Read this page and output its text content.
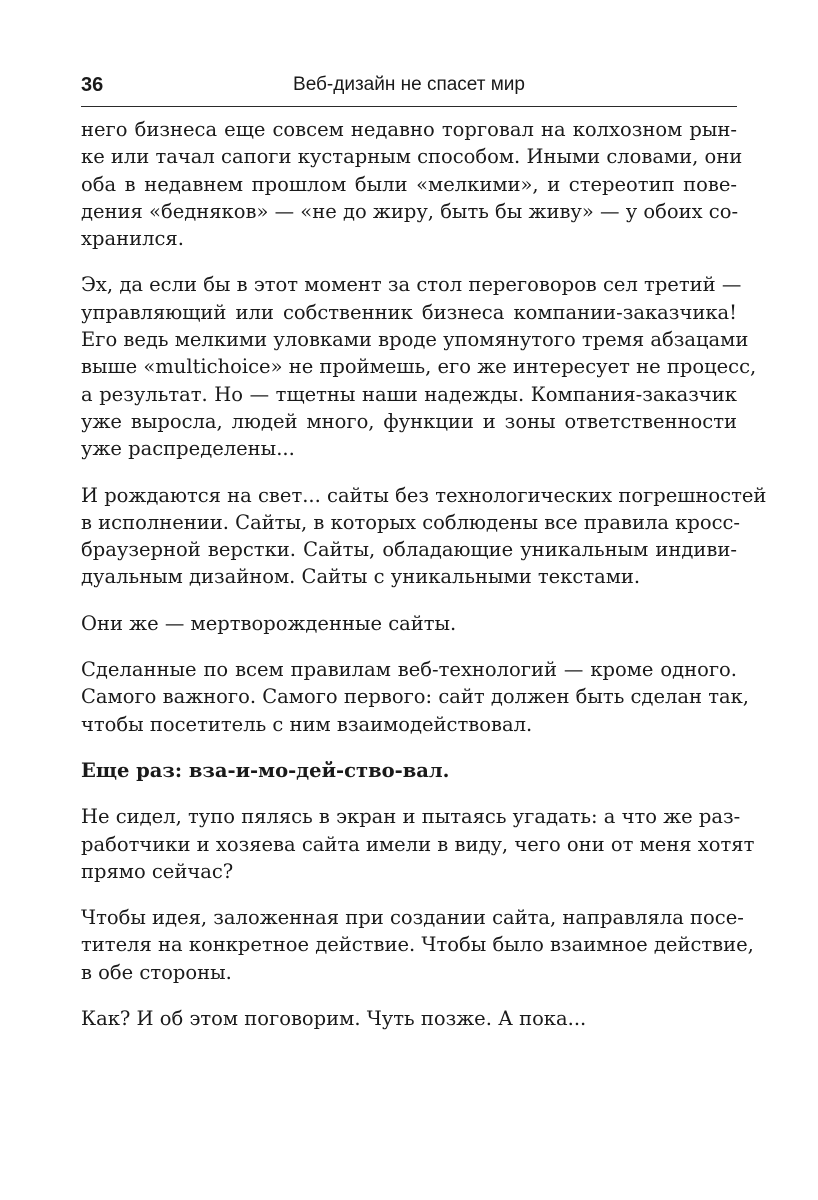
36	Веб-дизайн не спасет мир

него бизнеса еще совсем недавно торговал на колхозном рын-
ке или тачал сапоги кустарным способом. Иными словами, они
оба в недавнем прошлом были «мелкими», и стереотип пове-
дения «бедняков» — «не до жиру, быть бы живу» — у обоих со-
хранился.

Эх, да если бы в этот момент за стол переговоров сел третий —
управляющий или собственник бизнеса компании-заказчика!
Его ведь мелкими уловками вроде упомянутого тремя абзацами
выше «multichoice» не проймешь, его же интересует не процесс,
а результат. Но — тщетны наши надежды. Компания-заказчик
уже выросла, людей много, функции и зоны ответственности
уже распределены...

И рождаются на свет... сайты без технологических погрешностей
в исполнении. Сайты, в которых соблюдены все правила кросс-
браузерной верстки. Сайты, обладающие уникальным индиви-
дуальным дизайном. Сайты с уникальными текстами.

Они же — мертворожденные сайты.

Сделанные по всем правилам веб-технологий — кроме одного.
Самого важного. Самого первого: сайт должен быть сделан так,
чтобы посетитель с ним взаимодействовал.

Еще раз: вза-и-мо-дей-ство-вал.

Не сидел, тупо пялясь в экран и пытаясь угадать: а что же раз-
работчики и хозяева сайта имели в виду, чего они от меня хотят
прямо сейчас?

Чтобы идея, заложенная при создании сайта, направляла посе-
тителя на конкретное действие. Чтобы было взаимное действие,
в обе стороны.

Как? И об этом поговорим. Чуть позже. А пока...
